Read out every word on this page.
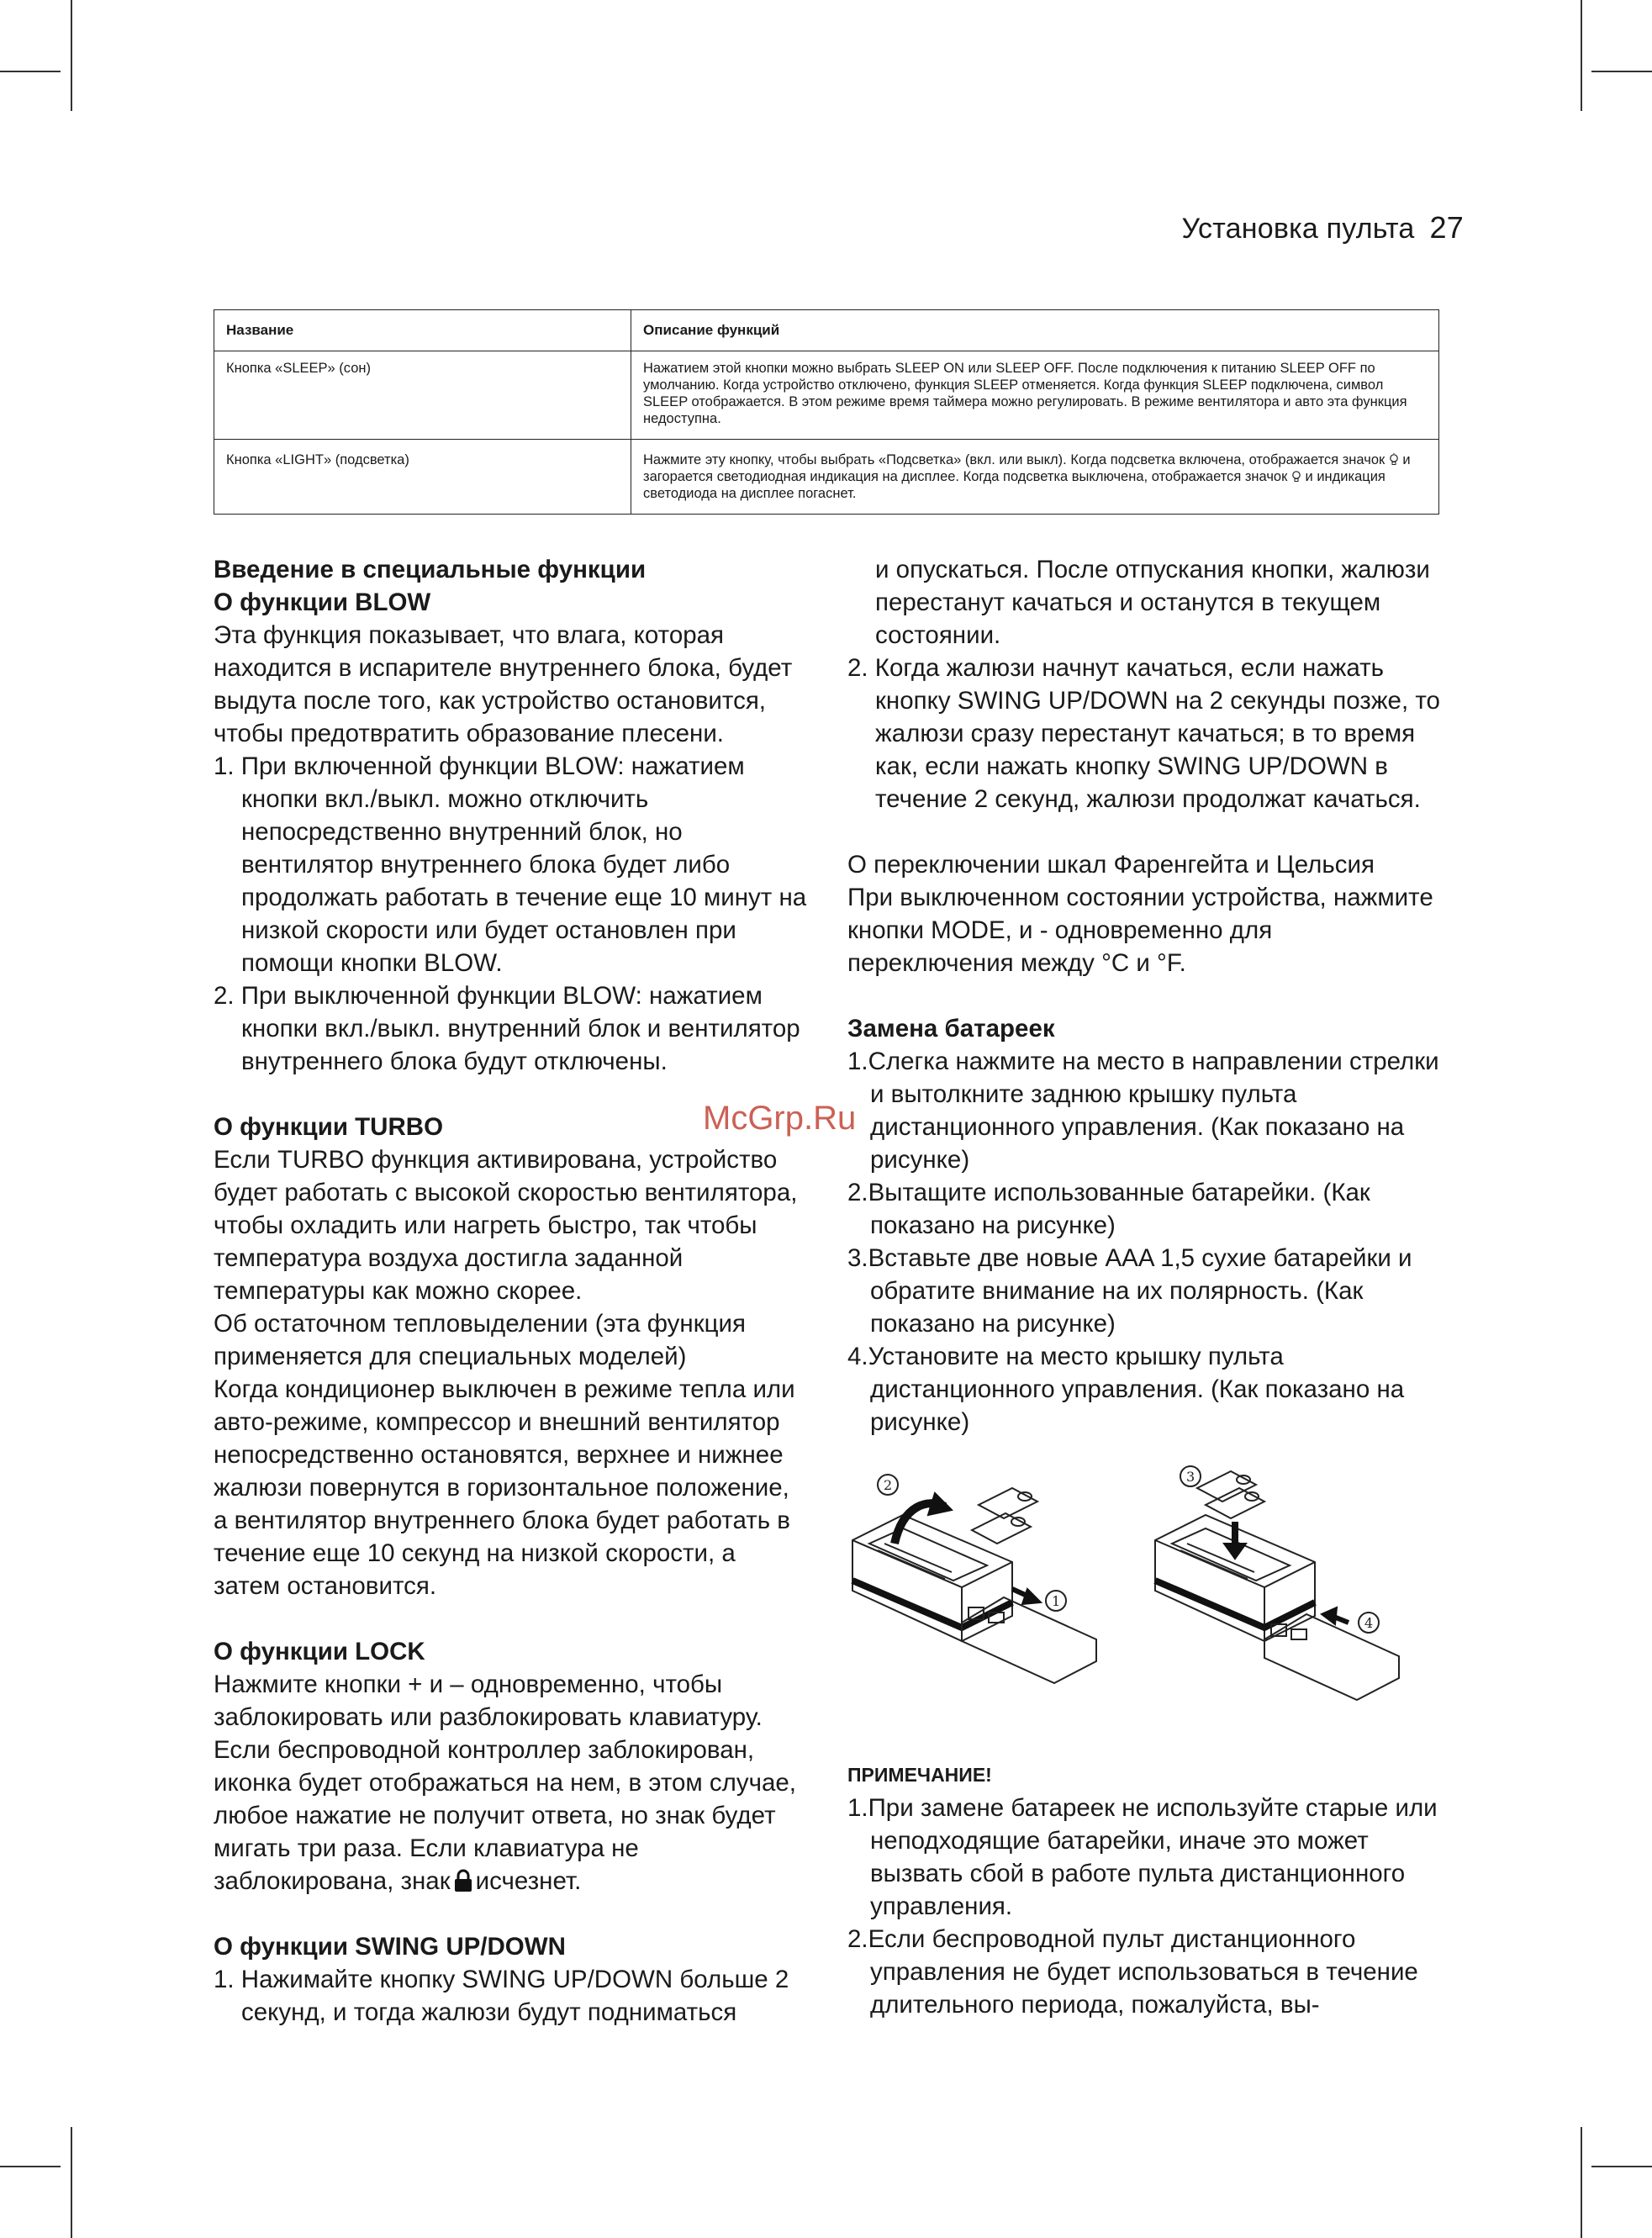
Установка пульта 27
Название	Описание функций
Кнопка «SLEEP» (сон)	Нажатием этой кнопки можно выбрать SLEEP ON или SLEEP OFF. После подключения к питанию SLEEP OFF по умолчанию. Когда устройство отключено, функция SLEEP отменяется. Когда функция SLEEP подключена, символ SLEEP отображается. В этом режиме время таймера можно регулировать. В режиме вентилятора и авто эта функция недоступна.
Кнопка «LIGHT» (подсветка)	Нажмите эту кнопку, чтобы выбрать «Подсветка» (вкл. или выкл). Когда подсветка включена, отображается значок и загорается светодиодная индикация на дисплее. Когда подсветка выключена, отображается значок и индикация светодиода на дисплее погаснет.

Введение в специальные функции

О функции BLOW

Эта функция показывает, что влага, которая находится в испарителе внутреннего блока, будет выдута после того, как устройство остановится, чтобы предотвратить образование плесени.

1. При включенной функции BLOW: нажатием кнопки вкл./выкл. можно отключить непосредственно внутренний блок, но вентилятор внутреннего блока будет либо продолжать работать в течение еще 10 минут на низкой скорости или будет остановлен при помощи кнопки BLOW.

2. При выключенной функции BLOW: нажатием кнопки вкл./выкл. внутренний блок и вентилятор внутреннего блока будут отключены.

О функции TURBO

Если TURBO функция активирована, устройство будет работать с высокой скоростью вентилятора, чтобы охладить или нагреть быстро, так чтобы температура воздуха достигла заданной температуры как можно скорее.

Об остаточном тепловыделении (эта функция применяется для специальных моделей)

Когда кондиционер выключен в режиме тепла или авто-режиме, компрессор и внешний вентилятор непосредственно остановятся, верхнее и нижнее жалюзи повернутся в горизонтальное положение, а вентилятор внутреннего блока будет работать в течение еще 10 секунд на низкой скорости, а затем остановится.

О функции LOCK

Нажмите кнопки + и – одновременно, чтобы заблокировать или разблокировать клавиатуру. Если беспроводной контроллер заблокирован, иконка будет отображаться на нем, в этом случае, любое нажатие не получит ответа, но знак будет мигать три раза. Если клавиатура не заблокирована, знак исчезнет.

О функции SWING UP/DOWN

1. Нажимайте кнопку SWING UP/DOWN больше 2 секунд, и тогда жалюзи будут подниматься

и опускаться. После отпускания кнопки, жалюзи перестанут качаться и останутся в текущем состоянии.

2. Когда жалюзи начнут качаться, если нажать кнопку SWING UP/DOWN на 2 секунды позже, то жалюзи сразу перестанут качаться; в то время как, если нажать кнопку SWING UP/DOWN в течение 2 секунд, жалюзи продолжат качаться.

О переключении шкал Фаренгейта и Цельсия

При выключенном состоянии устройства, нажмите кнопки MODE, и - одновременно для переключения между °C и °F.

Замена батареек

1.Слегка нажмите на место в направлении стрелки и вытолкните заднюю крышку пульта дистанционного управления. (Как показано на рисунке)

2.Вытащите использованные батарейки. (Как показано на рисунке)

3.Вставьте две новые AAA 1,5 сухие батарейки и обратите внимание на их полярность. (Как показано на рисунке)

4.Установите на место крышку пульта дистанционного управления. (Как показано на рисунке)

2
1
3
4

ПРИМЕЧАНИЕ!

1.При замене батареек не используйте старые или неподходящие батарейки, иначе это может вызвать сбой в работе пульта дистанционного управления.

2.Если беспроводной пульт дистанционного управления не будет использоваться в течение длительного периода, пожалуйста, вы-

McGrp.Ru
